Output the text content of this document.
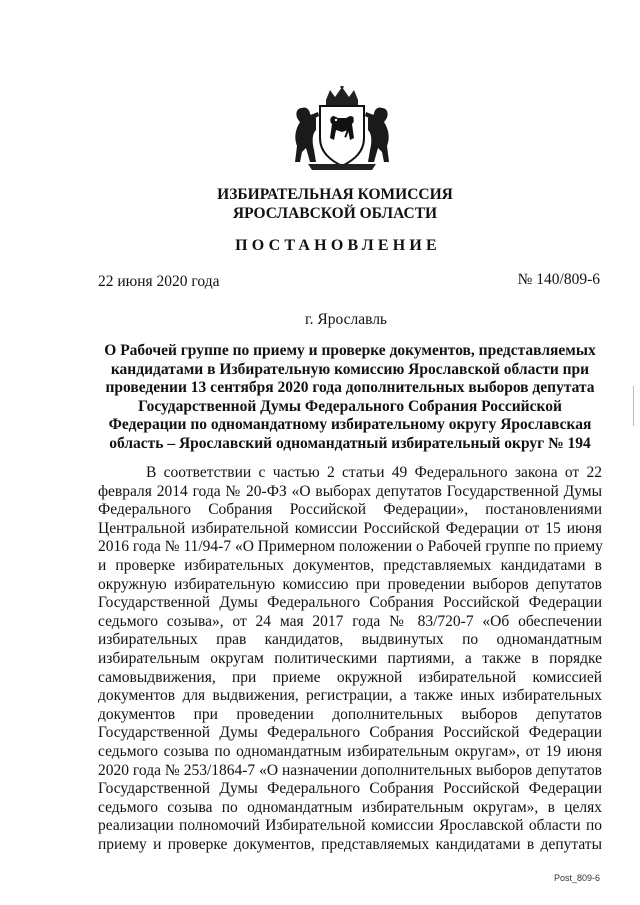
ИЗБИРАТЕЛЬНАЯ КОМИССИЯ
ЯРОСЛАВСКОЙ ОБЛАСТИ
ПОСТАНОВЛЕНИЕ
22 июня 2020 года	№ 140/809-6
г. Ярославль
О Рабочей группе по приему и проверке документов, представляемых кандидатами в Избирательную комиссию Ярославской области при проведении 13 сентября 2020 года дополнительных выборов депутата Государственной Думы Федерального Собрания Российской Федерации по одномандатному избирательному округу Ярославская область – Ярославский одномандатный избирательный округ № 194
В соответствии с частью 2 статьи 49 Федерального закона от 22
февраля 2014 года № 20-ФЗ «О выборах депутатов Государственной Думы
Федерального Собрания Российской Федерации», постановлениями
Центральной избирательной комиссии Российской Федерации от 15 июня
2016 года № 11/94-7 «О Примерном положении о Рабочей группе по приему
и проверке избирательных документов, представляемых кандидатами в
окружную избирательную комиссию при проведении выборов депутатов
Государственной Думы Федерального Собрания Российской Федерации
седьмого созыва», от 24 мая 2017 года № 83/720-7 «Об обеспечении
избирательных прав кандидатов, выдвинутых по одномандатным
избирательным округам политическими партиями, а также в порядке
самовыдвижения, при приеме окружной избирательной комиссией
документов для выдвижения, регистрации, а также иных избирательных
документов при проведении дополнительных выборов депутатов
Государственной Думы Федерального Собрания Российской Федерации
седьмого созыва по одномандатным избирательным округам», от 19 июня
2020 года № 253/1864-7 «О назначении дополнительных выборов депутатов
Государственной Думы Федерального Собрания Российской Федерации
седьмого созыва по одномандатным избирательным округам», в целях
реализации полномочий Избирательной комиссии Ярославской области по
приему и проверке документов, представляемых кандидатами в депутаты
Post_809-6
